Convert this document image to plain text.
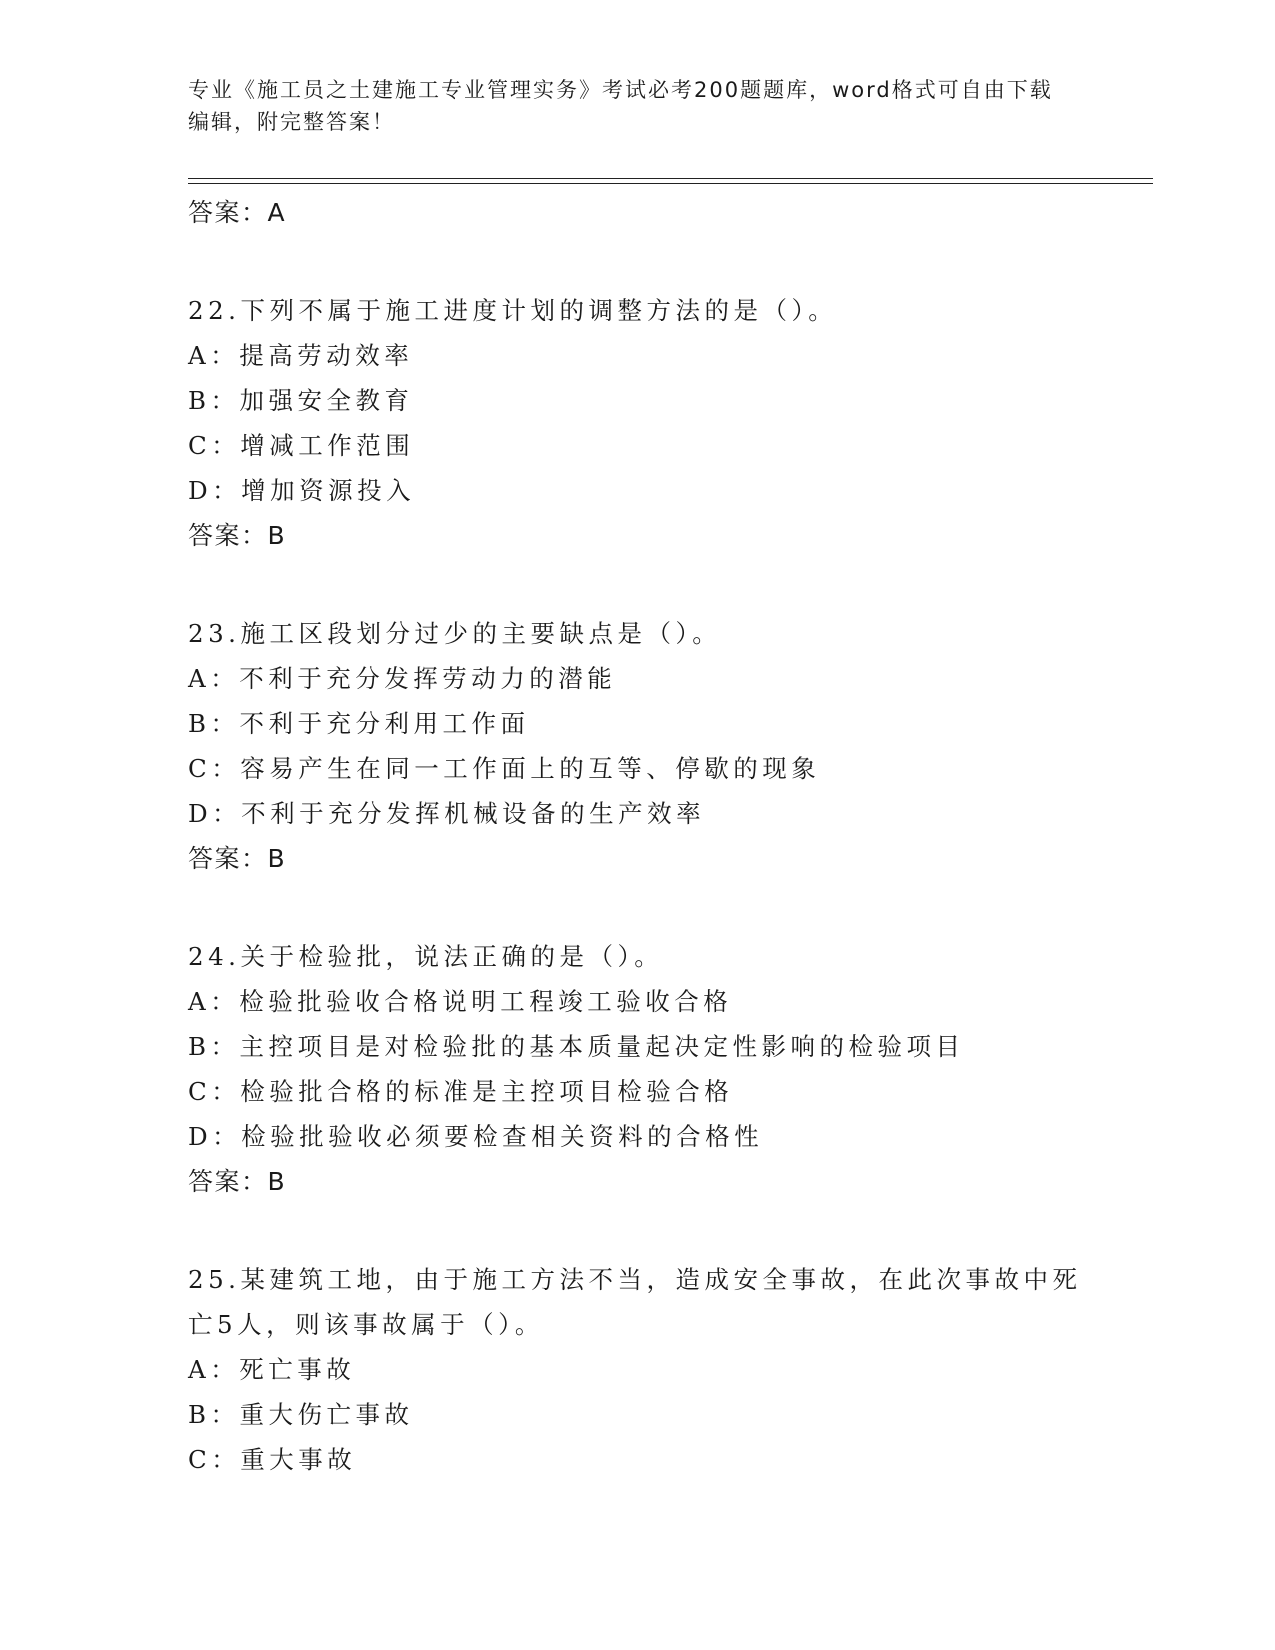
专业《施工员之土建施工专业管理实务》考试必考200题题库，word格式可自由下载编辑，附完整答案！

答案：A
22.下列不属于施工进度计划的调整方法的是（）。
A：提高劳动效率
B：加强安全教育
C：增减工作范围
D：增加资源投入
答案：B
23.施工区段划分过少的主要缺点是（）。
A：不利于充分发挥劳动力的潜能
B：不利于充分利用工作面
C：容易产生在同一工作面上的互等、停歇的现象
D：不利于充分发挥机械设备的生产效率
答案：B
24.关于检验批，说法正确的是（）。
A：检验批验收合格说明工程竣工验收合格
B：主控项目是对检验批的基本质量起决定性影响的检验项目
C：检验批合格的标准是主控项目检验合格
D：检验批验收必须要检查相关资料的合格性
答案：B
25.某建筑工地，由于施工方法不当，造成安全事故，在此次事故中死
亡5人，则该事故属于（）。
A：死亡事故
B：重大伤亡事故
C：重大事故
